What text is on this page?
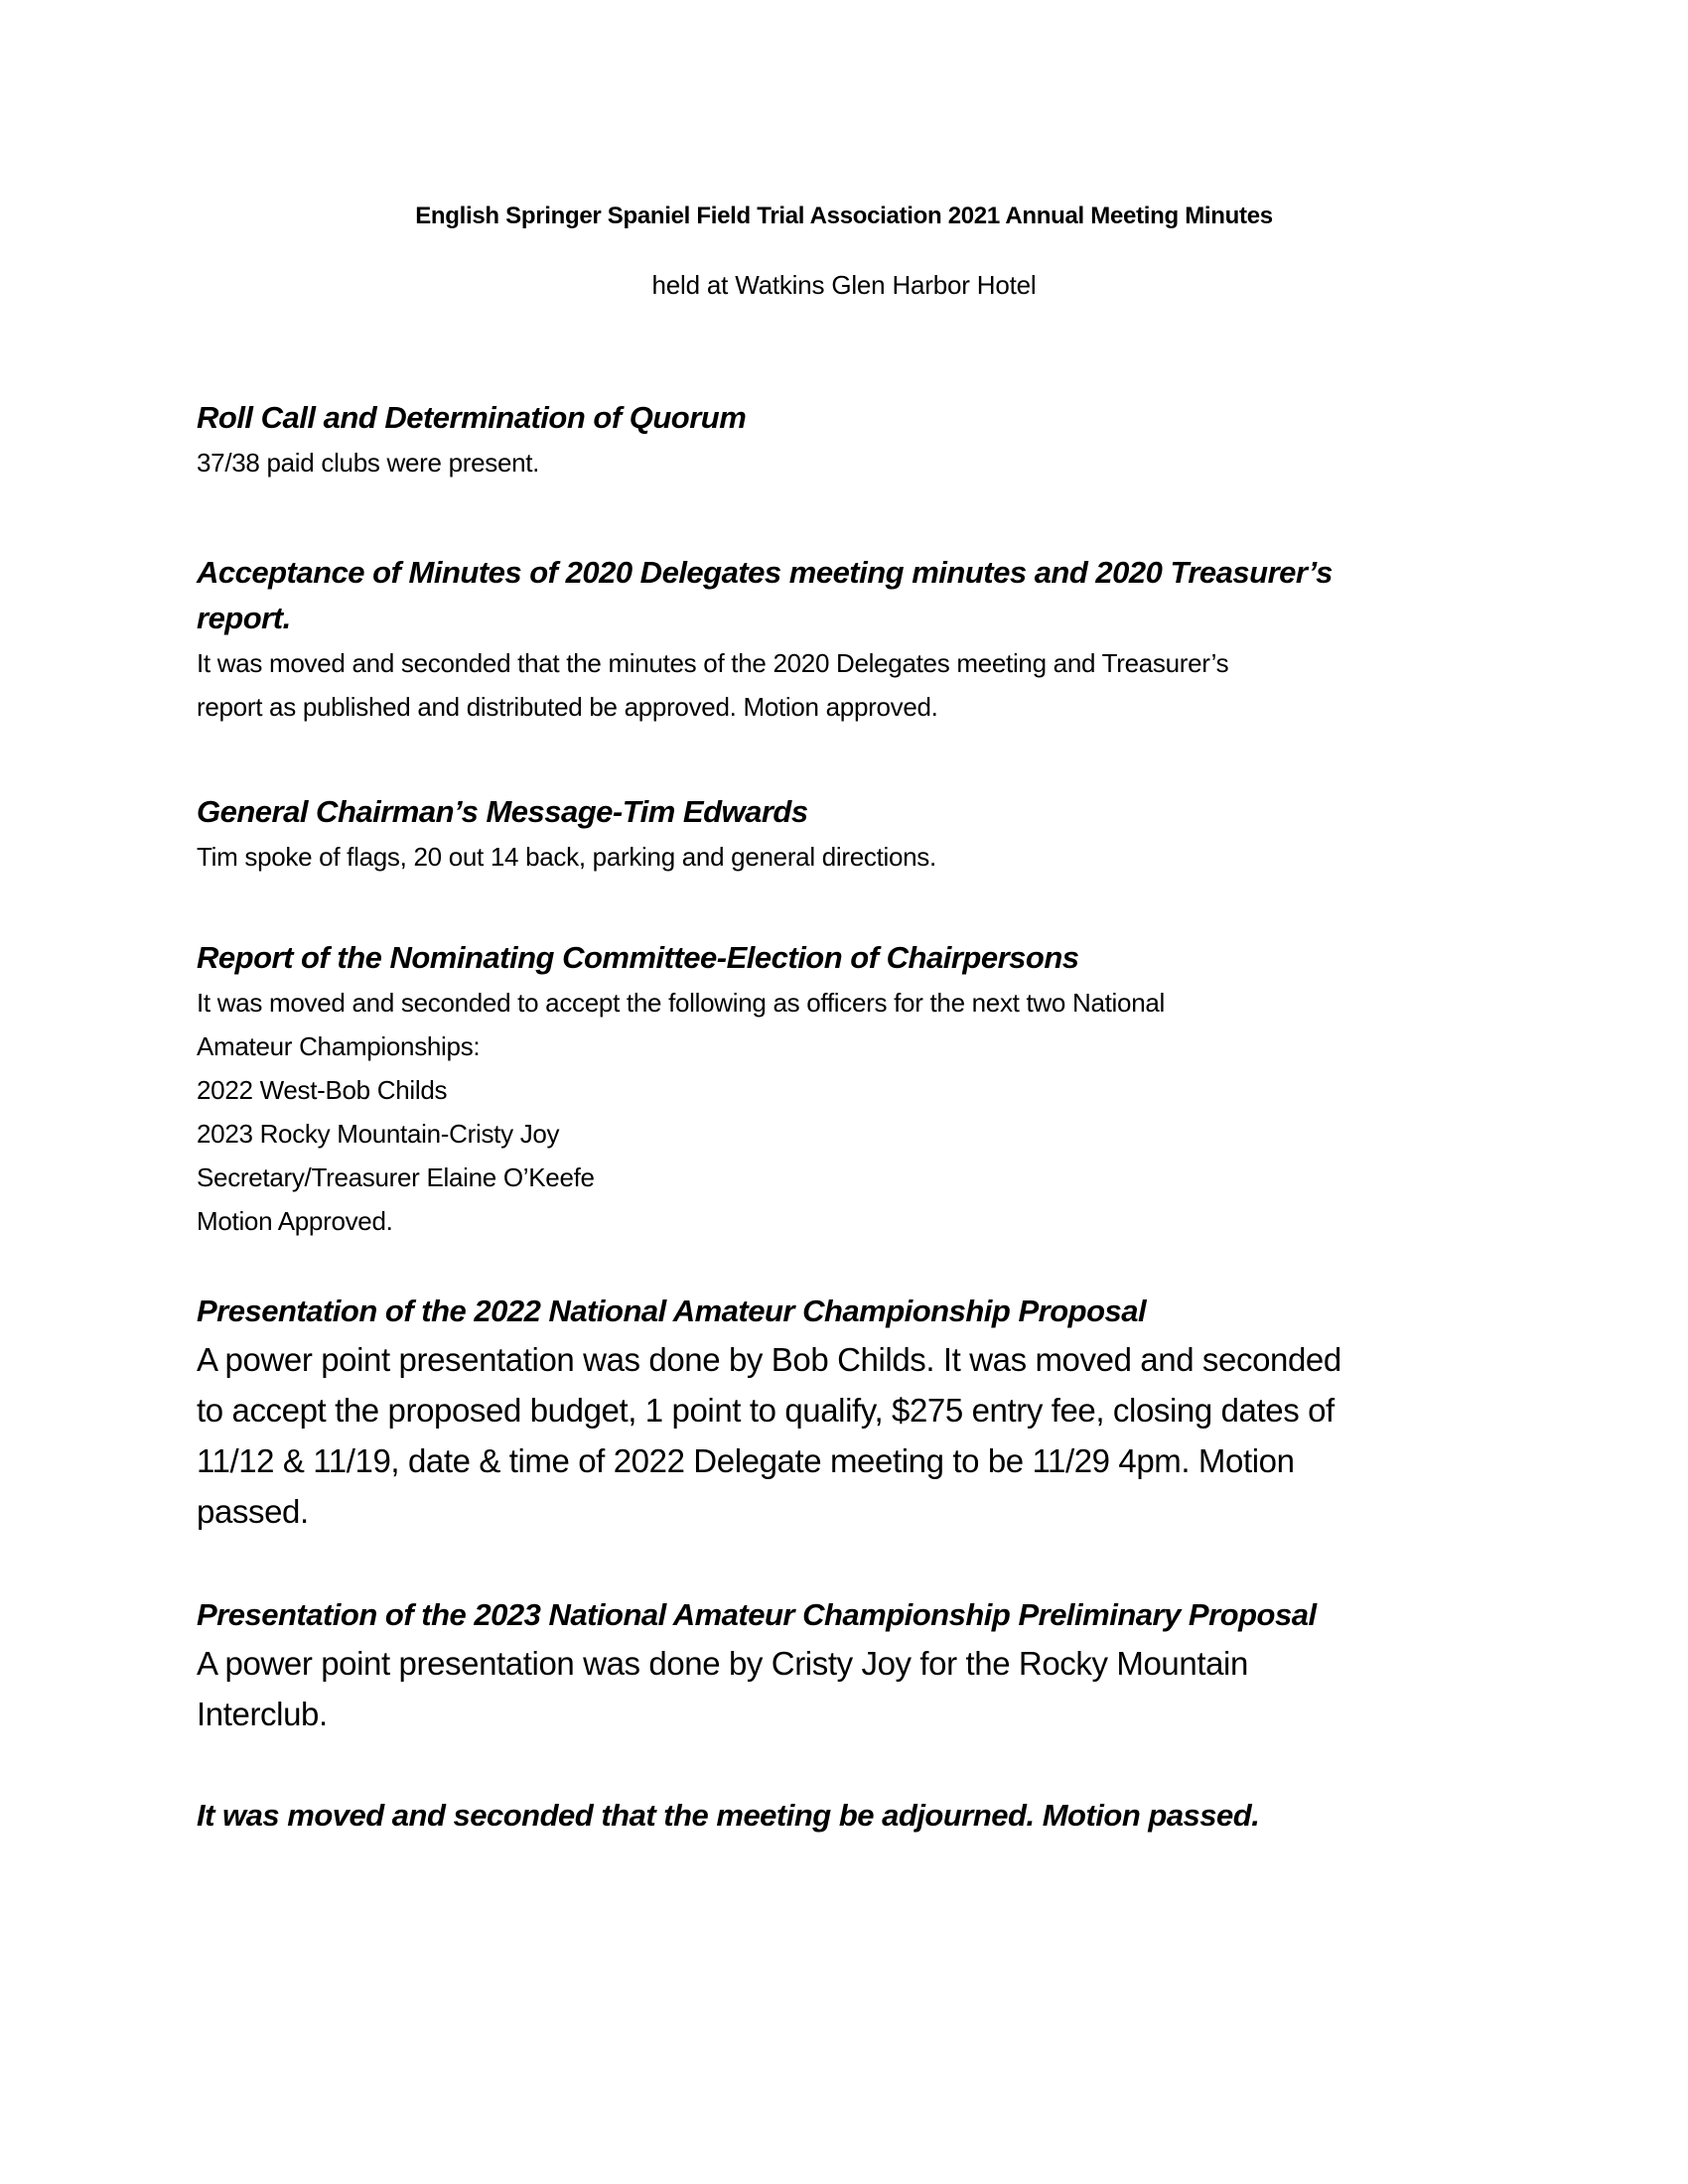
English Springer Spaniel Field Trial Association 2021 Annual Meeting Minutes
held at Watkins Glen Harbor Hotel

Roll Call and Determination of Quorum

37/38 paid clubs were present.

Acceptance of Minutes of 2020 Delegates meeting minutes and 2020 Treasurer’s
report.

It was moved and seconded that the minutes of the 2020 Delegates meeting and Treasurer’s
report as published and distributed be approved. Motion approved.

General Chairman’s Message-Tim Edwards

Tim spoke of flags, 20 out 14 back, parking and general directions.

Report of the Nominating Committee-Election of Chairpersons

It was moved and seconded to accept the following as officers for the next two National
Amateur Championships:
2022 West-Bob Childs
2023 Rocky Mountain-Cristy Joy
Secretary/Treasurer Elaine O’Keefe
Motion Approved.

Presentation of the 2022 National Amateur Championship Proposal

A power point presentation was done by Bob Childs. It was moved and seconded
to accept the proposed budget, 1 point to qualify, $275 entry fee, closing dates of
11/12 & 11/19, date & time of 2022 Delegate meeting to be 11/29 4pm. Motion
passed.

Presentation of the 2023 National Amateur Championship Preliminary Proposal

A power point presentation was done by Cristy Joy for the Rocky Mountain
Interclub.

It was moved and seconded that the meeting be adjourned. Motion passed.
